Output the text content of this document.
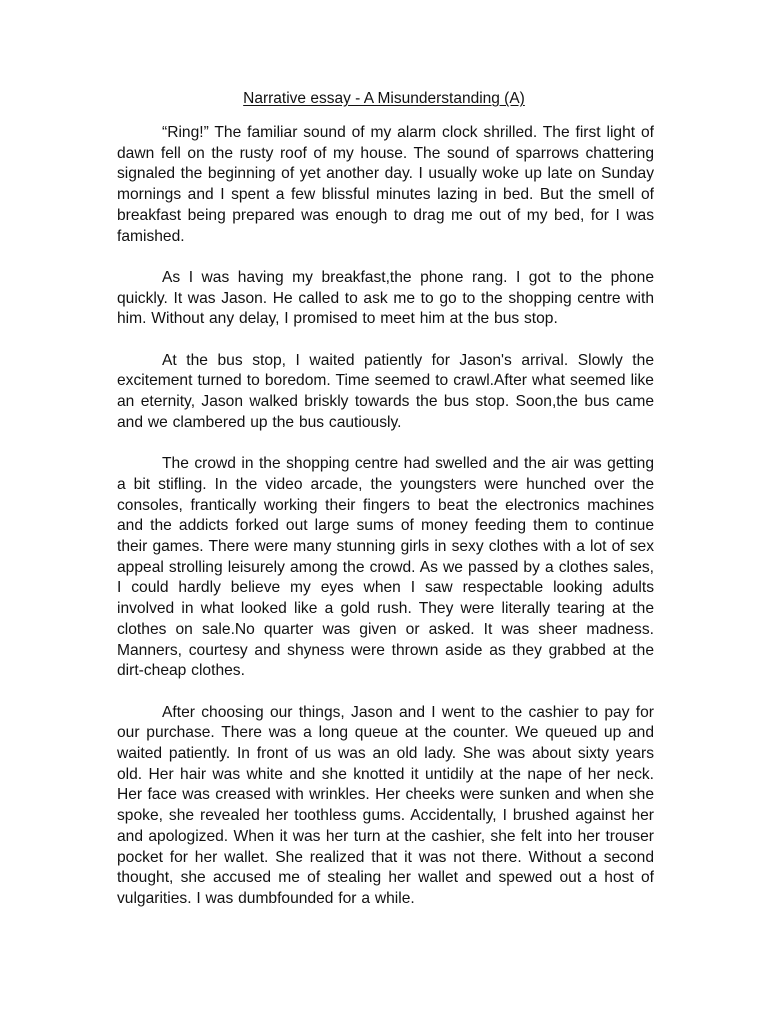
Narrative essay - A Misunderstanding (A)

“Ring!” The familiar sound of my alarm clock shrilled. The first light of dawn fell on the rusty roof of my house. The sound of sparrows chattering signaled the beginning of yet another day. I usually woke up late on Sunday mornings and I spent a few blissful minutes lazing in bed. But the smell of breakfast being prepared was enough to drag me out of my bed, for I was famished.

As I was having my breakfast,the phone rang. I got to the phone quickly. It was Jason. He called to ask me to go to the shopping centre with him. Without any delay, I promised to meet him at the bus stop.

At the bus stop, I waited patiently for Jason's arrival. Slowly the excitement turned to boredom. Time seemed to crawl.After what seemed like an eternity, Jason walked briskly towards the bus stop. Soon,the bus came and we clambered up the bus cautiously.

The crowd in the shopping centre had swelled and the air was getting a bit stifling. In the video arcade, the youngsters were hunched over the consoles, frantically working their fingers to beat the electronics machines and the addicts forked out large sums of money feeding them to continue their games. There were many stunning girls in sexy clothes with a lot of sex appeal strolling leisurely among the crowd. As we passed by a clothes sales, I could hardly believe my eyes when I saw respectable looking adults involved in what looked like a gold rush. They were literally tearing at the clothes on sale.No quarter was given or asked. It was sheer madness. Manners, courtesy and shyness were thrown aside as they grabbed at the dirt-cheap clothes.

After choosing our things, Jason and I went to the cashier to pay for our purchase. There was a long queue at the counter. We queued up and waited patiently. In front of us was an old lady. She was about sixty years old. Her hair was white and she knotted it untidily at the nape of her neck. Her face was creased with wrinkles. Her cheeks were sunken and when she spoke, she revealed her toothless gums. Accidentally, I brushed against her and apologized. When it was her turn at the cashier, she felt into her trouser pocket for her wallet. She realized that it was not there. Without a second thought, she accused me of stealing her wallet and spewed out a host of vulgarities. I was dumbfounded for a while.
